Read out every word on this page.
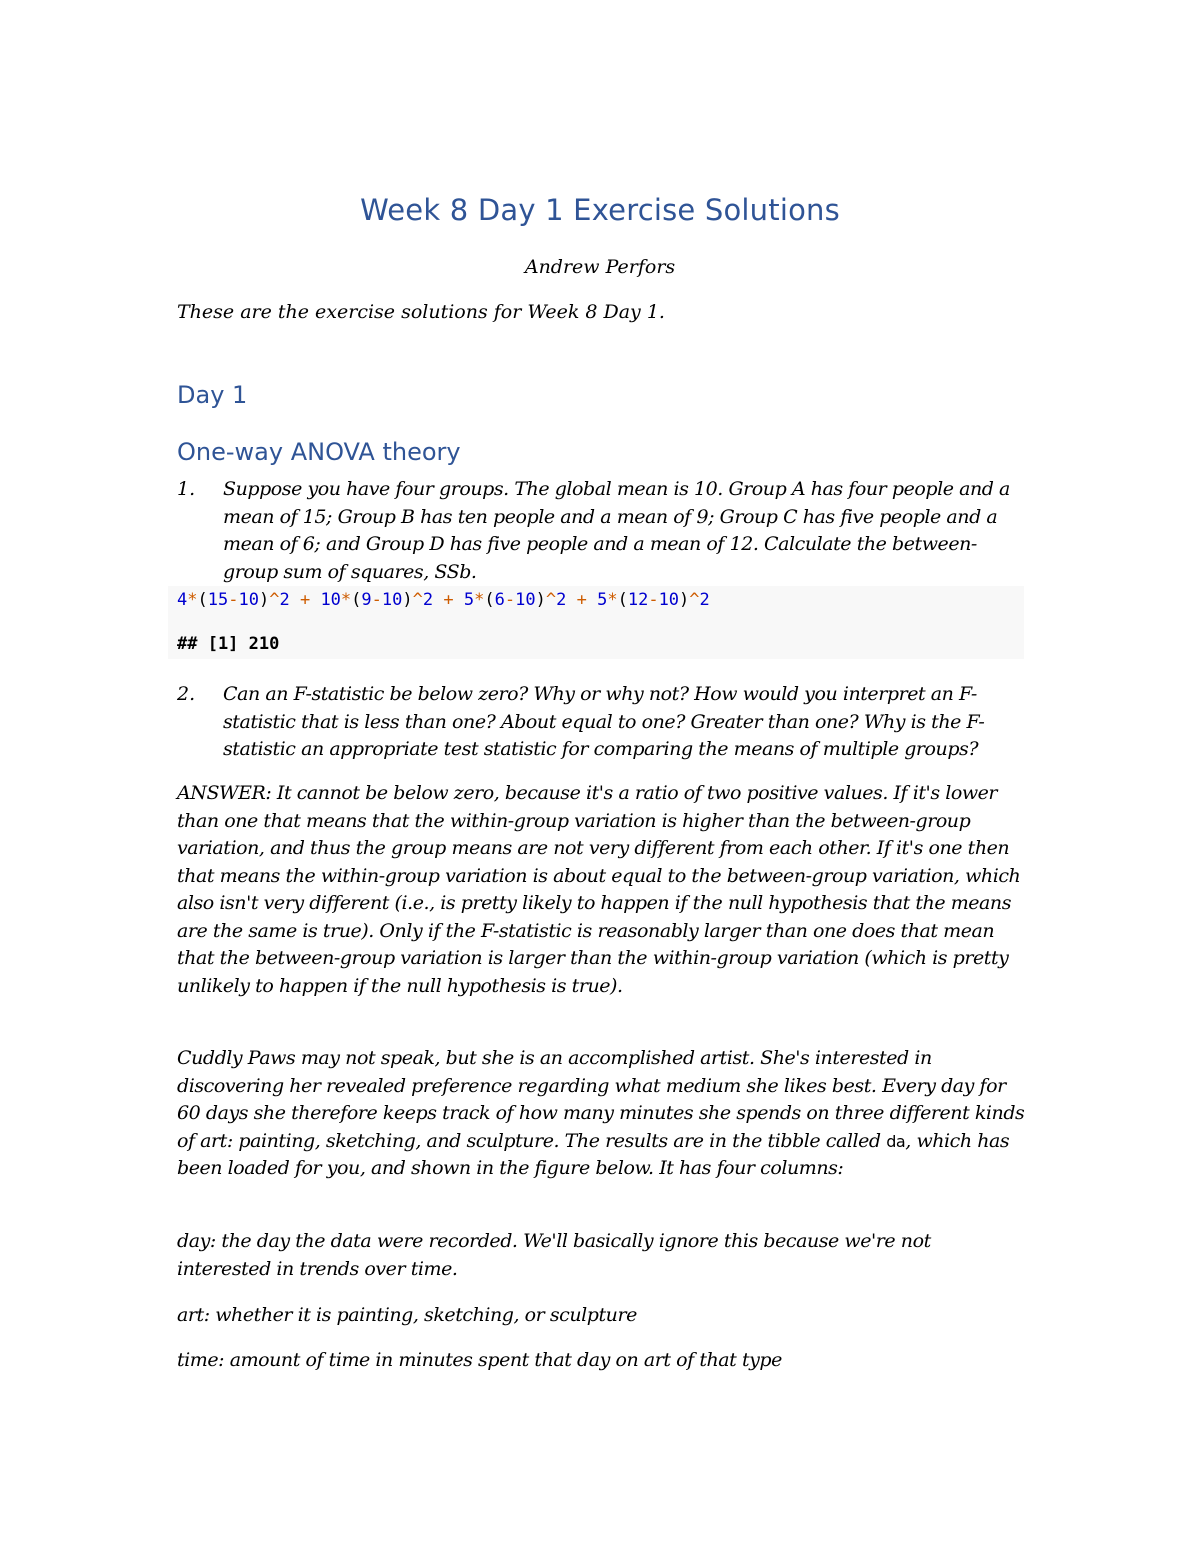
Week 8 Day 1 Exercise Solutions
Andrew Perfors
These are the exercise solutions for Week 8 Day 1.
Day 1
One-way ANOVA theory
1. Suppose you have four groups. The global mean is 10. Group A has four people and a mean of 15; Group B has ten people and a mean of 9; Group C has five people and a mean of 6; and Group D has five people and a mean of 12. Calculate the between-group sum of squares, SSb.
4*(15-10)^2 + 10*(9-10)^2 + 5*(6-10)^2 + 5*(12-10)^2
## [1] 210
2. Can an F-statistic be below zero? Why or why not? How would you interpret an F-statistic that is less than one? About equal to one? Greater than one? Why is the F-statistic an appropriate test statistic for comparing the means of multiple groups?
ANSWER: It cannot be below zero, because it's a ratio of two positive values. If it's lower than one that means that the within-group variation is higher than the between-group variation, and thus the group means are not very different from each other. If it's one then that means the within-group variation is about equal to the between-group variation, which also isn't very different (i.e., is pretty likely to happen if the null hypothesis that the means are the same is true). Only if the F-statistic is reasonably larger than one does that mean that the between-group variation is larger than the within-group variation (which is pretty unlikely to happen if the null hypothesis is true).
Cuddly Paws may not speak, but she is an accomplished artist. She's interested in discovering her revealed preference regarding what medium she likes best. Every day for 60 days she therefore keeps track of how many minutes she spends on three different kinds of art: painting, sketching, and sculpture. The results are in the tibble called da, which has been loaded for you, and shown in the figure below. It has four columns:
day: the day the data were recorded. We'll basically ignore this because we're not interested in trends over time.
art: whether it is painting, sketching, or sculpture
time: amount of time in minutes spent that day on art of that type
